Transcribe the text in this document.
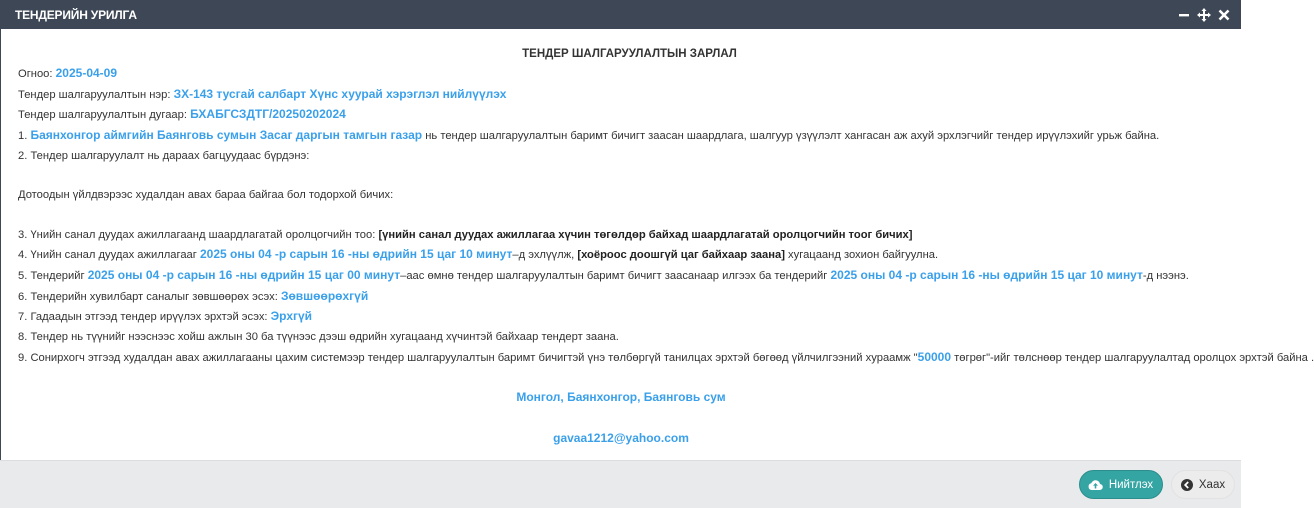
ТЕНДЕРИЙН УРИЛГА
ТЕНДЕР ШАЛГАРУУЛАЛТЫН ЗАРЛАЛ
Огноо: 2025-04-09
Тендер шалгаруулалтын нэр: ЗХ-143 тусгай салбарт Хүнс хуурай хэрэглэл нийлүүлэх
Тендер шалгаруулалтын дугаар: БХАБГСЗДТГ/20250202024
1. Баянхонгор аймгийн Баянговь сумын Засаг даргын тамгын газар нь тендер шалгаруулалтын баримт бичигт заасан шаардлага, шалгуур үзүүлэлт хангасан аж ахуй эрхлэгчийг тендер ирүүлэхийг урьж байна.
2. Тендер шалгаруулалт нь дараах багцуудаас бүрдэнэ:
Дотоодын үйлдвэрээс худалдан авах бараа байгаа бол тодорхой бичих:
3. Үнийн санал дуудах ажиллагаанд шаардлагатай оролцогчийн тоо: [үнийн санал дуудах ажиллагаа хүчин төгөлдөр байхад шаардлагатай оролцогчийн тоог бичих]
4. Үнийн санал дуудах ажиллагааг 2025 оны 04 -р сарын 16 -ны өдрийн 15 цаг 10 минут–д эхлүүлж, [хоёроос доошгүй цаг байхаар заана] хугацаанд зохион байгуулна.
5. Тендерийг 2025 оны 04 -р сарын 16 -ны өдрийн 15 цаг 00 минут–аас өмнө тендер шалгаруулалтын баримт бичигт заасанаар илгээх ба тендерийг 2025 оны 04 -р сарын 16 -ны өдрийн 15 цаг 10 минут-д нээнэ.
6. Тендерийн хувилбарт саналыг зөвшөөрөх эсэх: Зөвшөөрөхгүй
7. Гадаадын этгээд тендер ирүүлэх эрхтэй эсэх: Эрхгүй
8. Тендер нь түүнийг нээснээс хойш ажлын 30 ба түүнээс дээш өдрийн хугацаанд хүчинтэй байхаар тендерт заана.
9. Сонирхогч этгээд худалдан авах ажиллагааны цахим системээр тендер шалгаруулалтын баримт бичигтэй үнэ төлбөргүй танилцах эрхтэй бөгөөд үйлчилгээний хураамж "50000 төгрөг"-ийг төлснөөр тендер шалгаруулалтад оролцох эрхтэй байна .
Монгол, Баянхонгор, Баянговь сум
gavaa1212@yahoo.com
Нийтлэх	Хаах
